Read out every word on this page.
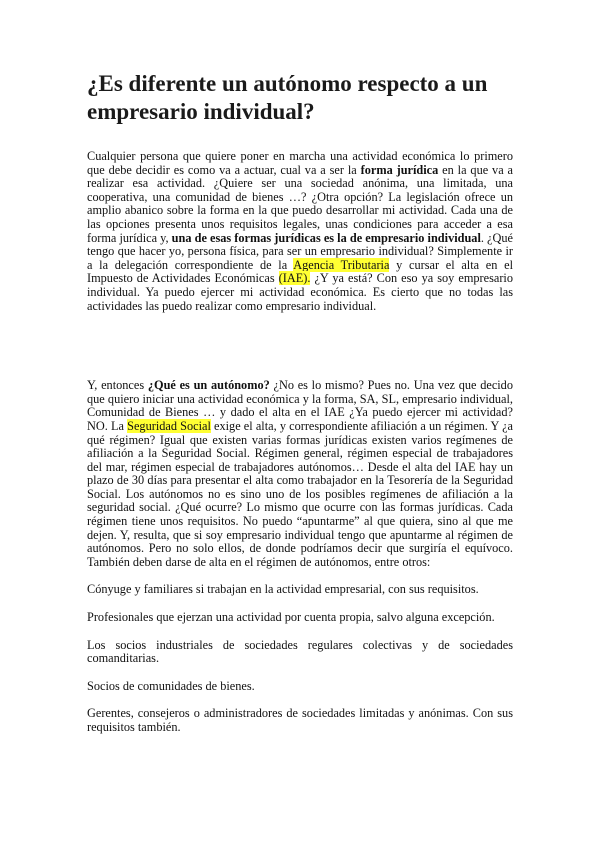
¿Es diferente un autónomo respecto a un empresario individual?

Cualquier persona que quiere poner en marcha una actividad económica lo primero que debe decidir es como va a actuar, cual va a ser la forma jurídica en la que va a realizar esa actividad. ¿Quiere ser una sociedad anónima, una limitada, una cooperativa, una comunidad de bienes …? ¿Otra opción? La legislación ofrece un amplio abanico sobre la forma en la que puedo desarrollar mi actividad. Cada una de las opciones presenta unos requisitos legales, unas condiciones para acceder a esa forma jurídica y, una de esas formas jurídicas es la de empresario individual. ¿Qué tengo que hacer yo, persona física, para ser un empresario individual? Simplemente ir a la delegación correspondiente de la Agencia Tributaria y cursar el alta en el Impuesto de Actividades Económicas (IAE). ¿Y ya está? Con eso ya soy empresario individual. Ya puedo ejercer mi actividad económica. Es cierto que no todas las actividades las puedo realizar como empresario individual.

Y, entonces ¿Qué es un autónomo? ¿No es lo mismo? Pues no. Una vez que decido que quiero iniciar una actividad económica y la forma, SA, SL, empresario individual, Comunidad de Bienes … y dado el alta en el IAE ¿Ya puedo ejercer mi actividad? NO. La Seguridad Social exige el alta, y correspondiente afiliación a un régimen. Y ¿a qué régimen? Igual que existen varias formas jurídicas existen varios regímenes de afiliación a la Seguridad Social. Régimen general, régimen especial de trabajadores del mar, régimen especial de trabajadores autónomos… Desde el alta del IAE hay un plazo de 30 días para presentar el alta como trabajador en la Tesorería de la Seguridad Social. Los autónomos no es sino uno de los posibles regímenes de afiliación a la seguridad social. ¿Qué ocurre? Lo mismo que ocurre con las formas jurídicas. Cada régimen tiene unos requisitos. No puedo “apuntarme” al que quiera, sino al que me dejen. Y, resulta, que si soy empresario individual tengo que apuntarme al régimen de autónomos. Pero no solo ellos, de donde podríamos decir que surgiría el equívoco. También deben darse de alta en el régimen de autónomos, entre otros:

Cónyuge y familiares si trabajan en la actividad empresarial, con sus requisitos.

Profesionales que ejerzan una actividad por cuenta propia, salvo alguna excepción.

Los socios industriales de sociedades regulares colectivas y de sociedades comanditarias.

Socios de comunidades de bienes.

Gerentes, consejeros o administradores de sociedades limitadas y anónimas. Con sus requisitos también.
